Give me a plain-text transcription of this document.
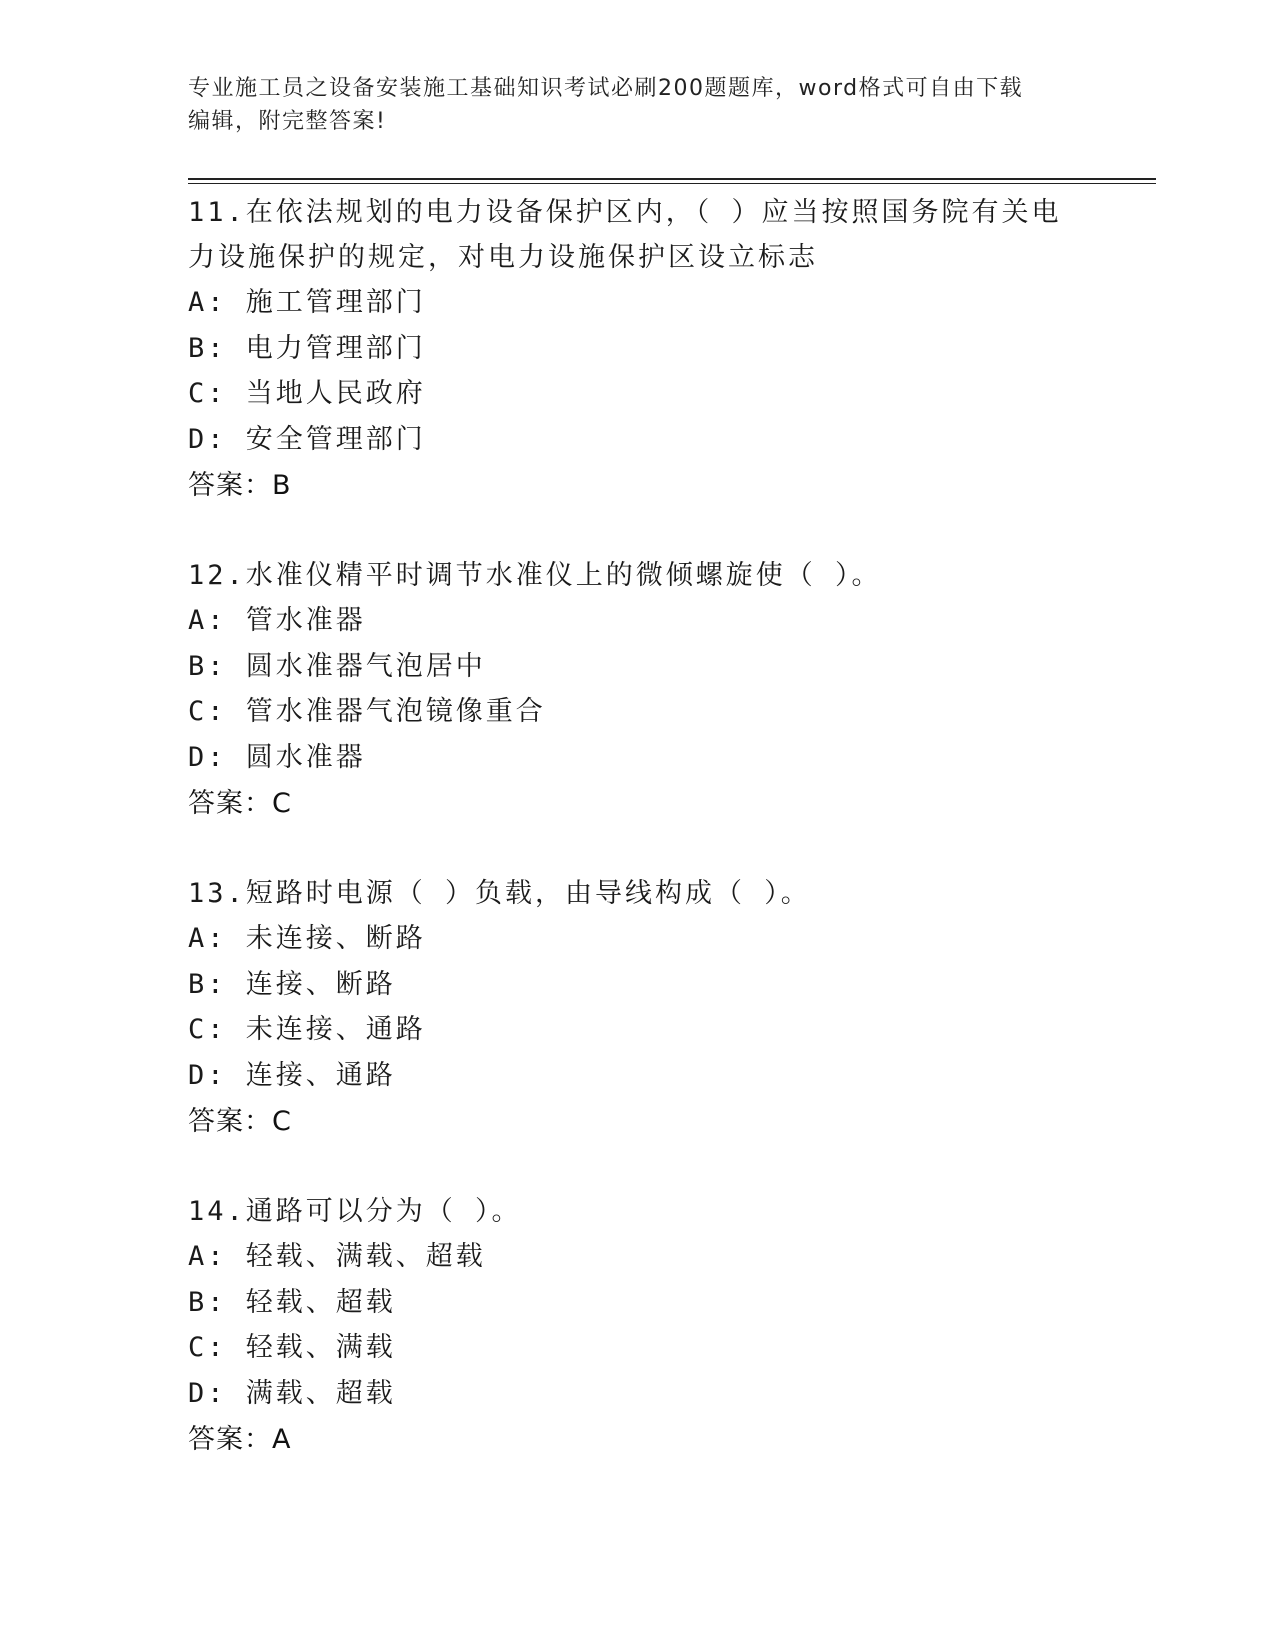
专业施工员之设备安装施工基础知识考试必刷200题题库，word格式可自由下载
编辑，附完整答案!
11.在依法规划的电力设备保护区内，（ ）应当按照国务院有关电力设施保护的规定，对电力设施保护区设立标志
A: 施工管理部门
B: 电力管理部门
C: 当地人民政府
D: 安全管理部门
答案：B
12.水准仪精平时调节水准仪上的微倾螺旋使（ ）。
A: 管水准器
B: 圆水准器气泡居中
C: 管水准器气泡镜像重合
D: 圆水准器
答案：C
13.短路时电源（ ）负载，由导线构成（ ）。
A: 未连接、断路
B: 连接、断路
C: 未连接、通路
D: 连接、通路
答案：C
14.通路可以分为（ ）。
A: 轻载、满载、超载
B: 轻载、超载
C: 轻载、满载
D: 满载、超载
答案：A
